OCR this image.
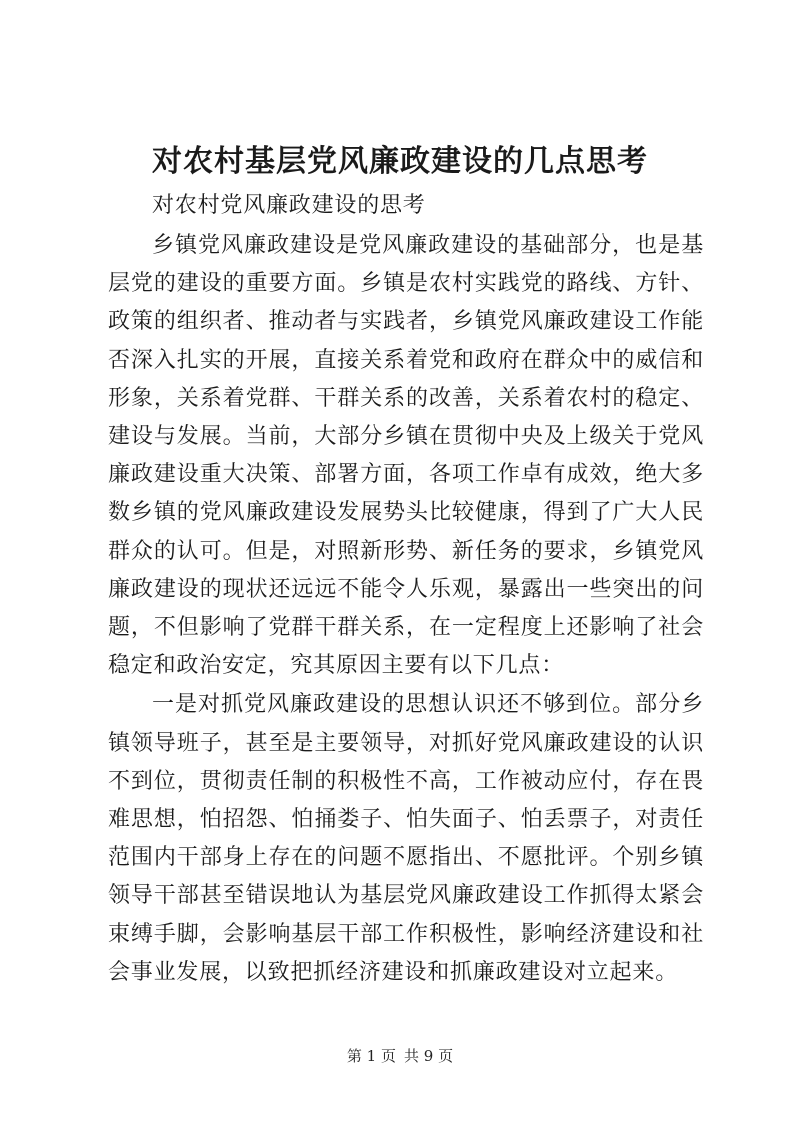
对农村基层党风廉政建设的几点思考

对农村党风廉政建设的思考

乡镇党风廉政建设是党风廉政建设的基础部分，也是基层党的建设的重要方面。乡镇是农村实践党的路线、方针、政策的组织者、推动者与实践者，乡镇党风廉政建设工作能否深入扎实的开展，直接关系着党和政府在群众中的威信和形象，关系着党群、干群关系的改善，关系着农村的稳定、建设与发展。当前，大部分乡镇在贯彻中央及上级关于党风廉政建设重大决策、部署方面，各项工作卓有成效，绝大多数乡镇的党风廉政建设发展势头比较健康，得到了广大人民群众的认可。但是，对照新形势、新任务的要求，乡镇党风廉政建设的现状还远远不能令人乐观，暴露出一些突出的问题，不但影响了党群干群关系，在一定程度上还影响了社会稳定和政治安定，究其原因主要有以下几点：

一是对抓党风廉政建设的思想认识还不够到位。部分乡镇领导班子，甚至是主要领导，对抓好党风廉政建设的认识不到位，贯彻责任制的积极性不高，工作被动应付，存在畏难思想，怕招怨、怕捅娄子、怕失面子、怕丢票子，对责任范围内干部身上存在的问题不愿指出、不愿批评。个别乡镇领导干部甚至错误地认为基层党风廉政建设工作抓得太紧会束缚手脚，会影响基层干部工作积极性，影响经济建设和社会事业发展，以致把抓经济建设和抓廉政建设对立起来。

第 1 页 共 9 页
